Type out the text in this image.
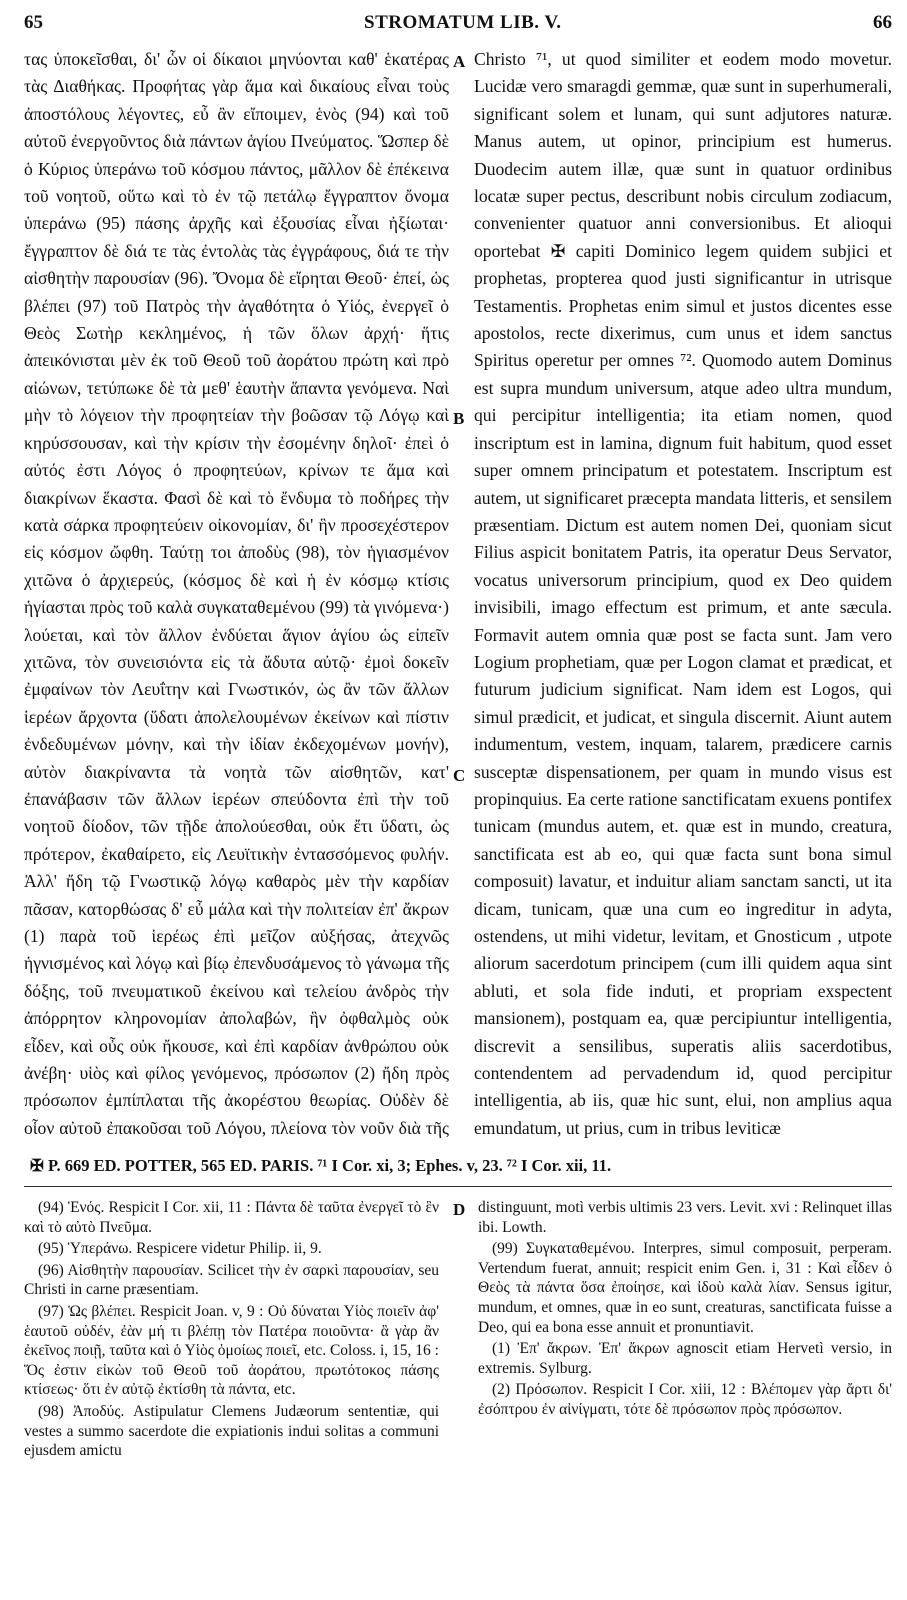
65	STROMATUM LIB. V.	66

τας ὑποκεῖσθαι, δι' ὧν οἱ δίκαιοι μηνύονται καθ' ἑκατέρας τὰς Διαθήκας. Προφήτας γὰρ ἅμα καὶ δικαίους εἶναι τοὺς ἀποστόλους λέγοντες, εὖ ἂν εἴποιμεν, ἑνὸς (94) καὶ τοῦ αὐτοῦ ἐνεργοῦντος διὰ πάντων ἁγίου Πνεύματος. Ὥσπερ δὲ ὁ Κύριος ὑπεράνω τοῦ κόσμου πάντος, μᾶλλον δὲ ἐπέκεινα τοῦ νοητοῦ, οὕτω καὶ τὸ ἐν τῷ πετάλῳ ἔγγραπτον ὄνομα ὑπεράνω (95) πάσης ἀρχῆς καὶ ἐξουσίας εἶναι ἠξίωται· ἔγγραπτον δὲ διά τε τὰς ἐντολὰς τὰς ἐγγράφους, διά τε τὴν αἰσθητὴν παρουσίαν (96). Ὄνομα δὲ εἴρηται Θεοῦ· ἐπεί, ὡς βλέπει (97) τοῦ Πατρὸς τὴν ἀγαθότητα ὁ Υἱός, ἐνεργεῖ ὁ Θεὸς Σωτὴρ κεκλημένος, ἡ τῶν ὅλων ἀρχή· ἥτις ἀπεικόνισται μὲν ἐκ τοῦ Θεοῦ τοῦ ἀοράτου πρώτη καὶ πρὸ αἰώνων, τετύπωκε δὲ τὰ μεθ' ἑαυτὴν ἅπαντα γενόμενα. Ναὶ μὴν τὸ λόγειον τὴν προφητείαν τὴν βοῶσαν τῷ Λόγῳ καὶ κηρύσσουσαν, καὶ τὴν κρίσιν τὴν ἐσομένην δηλοῖ· ἐπεὶ ὁ αὐτός ἐστι Λόγος ὁ προφητεύων, κρίνων τε ἅμα καὶ διακρίνων ἕκαστα. Φασὶ δὲ καὶ τὸ ἔνδυμα τὸ ποδήρες τὴν κατὰ σάρκα προφητεύειν οἰκονομίαν, δι' ἣν προσεχέστερον εἰς κόσμον ὤφθη. Ταύτῃ τοι ἀποδὺς (98), τὸν ἡγιασμένον χιτῶνα ὁ ἀρχιερεύς, (κόσμος δὲ καὶ ἡ ἐν κόσμῳ κτίσις ἡγίασται πρὸς τοῦ καλὰ συγκαταθεμένου (99) τὰ γινόμενα·) λούεται, καὶ τὸν ἄλλον ἐνδύεται ἅγιον ἁγίου ὡς εἰπεῖν χιτῶνα, τὸν συνεισιόντα εἰς τὰ ἄδυτα αὐτῷ· ἐμοὶ δοκεῖν ἐμφαίνων τὸν Λευΐτην καὶ Γνωστικόν, ὡς ἂν τῶν ἄλλων ἱερέων ἄρχοντα (ὕδατι ἀπολελουμένων ἐκείνων καὶ πίστιν ἐνδεδυμένων μόνην, καὶ τὴν ἰδίαν ἐκδεχομένων μονήν), αὐτὸν διακρίναντα τὰ νοητὰ τῶν αἰσθητῶν, κατ' ἐπανάβασιν τῶν ἄλλων ἱερέων σπεύδοντα ἐπὶ τὴν τοῦ νοητοῦ δίοδον, τῶν τῇδε ἀπολούεσθαι, οὐκ ἔτι ὕδατι, ὡς πρότερον, ἐκαθαίρετο, εἰς Λευϊτικὴν ἐντασσόμενος φυλήν. Ἀλλ' ἤδη τῷ Γνωστικῷ λόγῳ καθαρὸς μὲν τὴν καρδίαν πᾶσαν, κατορθώσας δ' εὖ μάλα καὶ τὴν πολιτείαν ἐπ' ἄκρων (1) παρὰ τοῦ ἱερέως ἐπὶ μεῖζον αὐξήσας, ἀτεχνῶς ἡγνισμένος καὶ λόγῳ καὶ βίῳ ἐπενδυσάμενος τὸ γάνωμα τῆς δόξης, τοῦ πνευματικοῦ ἐκείνου καὶ τελείου ἀνδρὸς τὴν ἀπόρρητον κληρονομίαν ἀπολαβών, ἣν ὀφθαλμὸς οὐκ εἶδεν, καὶ οὖς οὐκ ἤκουσε, καὶ ἐπὶ καρδίαν ἀνθρώπου οὐκ ἀνέβη· υἱὸς καὶ φίλος γενόμενος, πρόσωπον (2) ἤδη πρὸς πρόσωπον ἐμπίπλαται τῆς ἀκορέστου θεωρίας. Οὐδὲν δὲ οἷον αὐτοῦ ἐπακοῦσαι τοῦ Λόγου, πλείονα τὸν νοῦν διὰ τῆς

A
B
C
D

Christo ⁷¹, ut quod similiter et eodem modo movetur. Lucidæ vero smaragdi gemmæ, quæ sunt in superhumerali, significant solem et lunam, qui sunt adjutores naturæ. Manus autem, ut opinor, principium est humerus. Duodecim autem illæ, quæ sunt in quatuor ordinibus locatæ super pectus, describunt nobis circulum zodiacum, convenienter quatuor anni conversionibus. Et alioqui oportebat ✠ capiti Dominico legem quidem subjici et prophetas, propterea quod justi significantur in utrisque Testamentis. Prophetas enim simul et justos dicentes esse apostolos, recte dixerimus, cum unus et idem sanctus Spiritus operetur per omnes ⁷². Quomodo autem Dominus est supra mundum universum, atque adeo ultra mundum, qui percipitur intelligentia; ita etiam nomen, quod inscriptum est in lamina, dignum fuit habitum, quod esset super omnem principatum et potestatem. Inscriptum est autem, ut significaret præcepta mandata litteris, et sensilem præsentiam. Dictum est autem nomen Dei, quoniam sicut Filius aspicit bonitatem Patris, ita operatur Deus Servator, vocatus universorum principium, quod ex Deo quidem invisibili, imago effectum est primum, et ante sæcula. Formavit autem omnia quæ post se facta sunt. Jam vero Logium prophetiam, quæ per Logon clamat et prædicat, et futurum judicium significat. Nam idem est Logos, qui simul prædicit, et judicat, et singula discernit. Aiunt autem indumentum, vestem, inquam, talarem, prædicere carnis susceptæ dispensationem, per quam in mundo visus est propinquius. Ea certe ratione sanctificatam exuens pontifex tunicam (mundus autem, et. quæ est in mundo, creatura, sanctificata est ab eo, qui quæ facta sunt bona simul composuit) lavatur, et induitur aliam sanctam sancti, ut ita dicam, tunicam, quæ una cum eo ingreditur in adyta, ostendens, ut mihi videtur, levitam, et Gnosticum , utpote aliorum sacerdotum principem (cum illi quidem aqua sint abluti, et sola fide induti, et propriam exspectent mansionem), postquam ea, quæ percipiuntur intelligentia, discrevit a sensilibus, superatis aliis sacerdotibus, contendentem ad pervadendum id, quod percipitur intelligentia, ab iis, quæ hic sunt, elui, non amplius aqua emundatum, ut prius, cum in tribus leviticæ

✠ P. 669 ED. POTTER, 565 ED. PARIS. ⁷¹ I Cor. xi, 3; Ephes. v, 23. ⁷² I Cor. xii, 11.

(94) Ἑνός. Respicit I Cor. xii, 11 : Πάντα δὲ ταῦτα ἐνεργεῖ τὸ ἓν καὶ τὸ αὐτὸ Πνεῦμα.

(95) Ὑπεράνω. Respicere videtur Philip. ii, 9.

(96) Αἰσθητὴν παρουσίαν. Scilicet τὴν ἐν σαρκὶ παρουσίαν, seu Christi in carne præsentiam.

(97) Ὡς βλέπει. Respicit Joan. v, 9 : Οὐ δύναται Υἱὸς ποιεῖν ἀφ' ἑαυτοῦ οὐδέν, ἐὰν μή τι βλέπῃ τὸν Πατέρα ποιοῦντα· ἃ γὰρ ἂν ἐκεῖνος ποιῇ, ταῦτα καὶ ὁ Υἱὸς ὁμοίως ποιεῖ, etc. Coloss. i, 15, 16 : Ὅς ἐστιν εἰκὼν τοῦ Θεοῦ τοῦ ἀοράτου, πρωτότοκος πάσης κτίσεως· ὅτι ἐν αὐτῷ ἐκτίσθη τὰ πάντα, etc.

(98) Ἀποδύς. Astipulatur Clemens Judæorum sententiæ, qui vestes a summo sacerdote die expiationis indui solitas a communi ejusdem amictu

distinguunt, motì verbis ultimis 23 vers. Levit. xvi : Relinquet illas ibi. Lowth.

(99) Συγκαταθεμένου. Interpres, simul composuit, perperam. Vertendum fuerat, annuit; respicit enim Gen. i, 31 : Καὶ εἶδεν ὁ Θεὸς τὰ πάντα ὅσα ἐποίησε, καὶ ἰδοὺ καλὰ λίαν. Sensus igitur, mundum, et omnes, quæ in eo sunt, creaturas, sanctificata fuisse a Deo, qui ea bona esse annuit et pronuntiavit.

(1) Ἐπ' ἄκρων. Ἐπ' ἄκρων agnoscit etiam Hervetì versio, in extremis. Sylburg.

(2) Πρόσωπον. Respicit I Cor. xiii, 12 : Βλέπομεν γὰρ ἄρτι δι' ἐσόπτρου ἐν αἰνίγματι, τότε δὲ πρόσωπον πρὸς πρόσωπον.
